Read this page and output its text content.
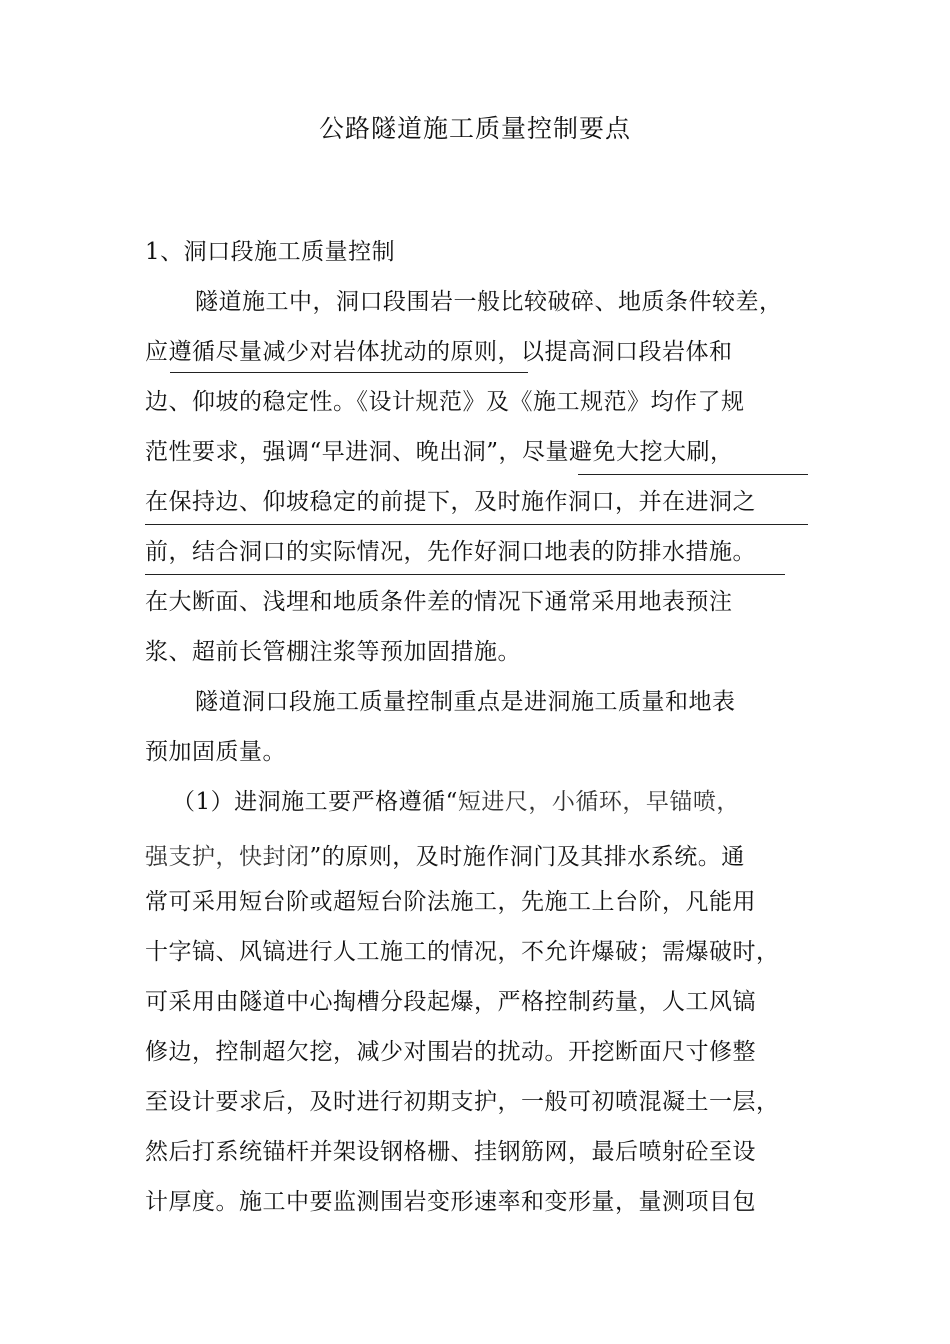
公路隧道施工质量控制要点
1、洞口段施工质量控制
隧道施工中，洞口段围岩一般比较破碎、地质条件较差，
应遵循尽量减少对岩体扰动的原则，以提高洞口段岩体和
边、仰坡的稳定性。《设计规范》及《施工规范》均作了规
范性要求，强调“早进洞、晚出洞”，尽量避免大挖大刷，
在保持边、仰坡稳定的前提下，及时施作洞口，并在进洞之
前，结合洞口的实际情况，先作好洞口地表的防排水措施。
在大断面、浅埋和地质条件差的情况下通常采用地表预注
浆、超前长管棚注浆等预加固措施。
隧道洞口段施工质量控制重点是进洞施工质量和地表
预加固质量。
（1）进洞施工要严格遵循“短进尺，小循环，早锚喷，
强支护，快封闭”的原则，及时施作洞门及其排水系统。通
常可采用短台阶或超短台阶法施工，先施工上台阶，凡能用
十字镐、风镐进行人工施工的情况，不允许爆破；需爆破时，
可采用由隧道中心掏槽分段起爆，严格控制药量，人工风镐
修边，控制超欠挖，减少对围岩的扰动。开挖断面尺寸修整
至设计要求后，及时进行初期支护，一般可初喷混凝土一层，
然后打系统锚杆并架设钢格栅、挂钢筋网，最后喷射砼至设
计厚度。施工中要监测围岩变形速率和变形量，量测项目包
